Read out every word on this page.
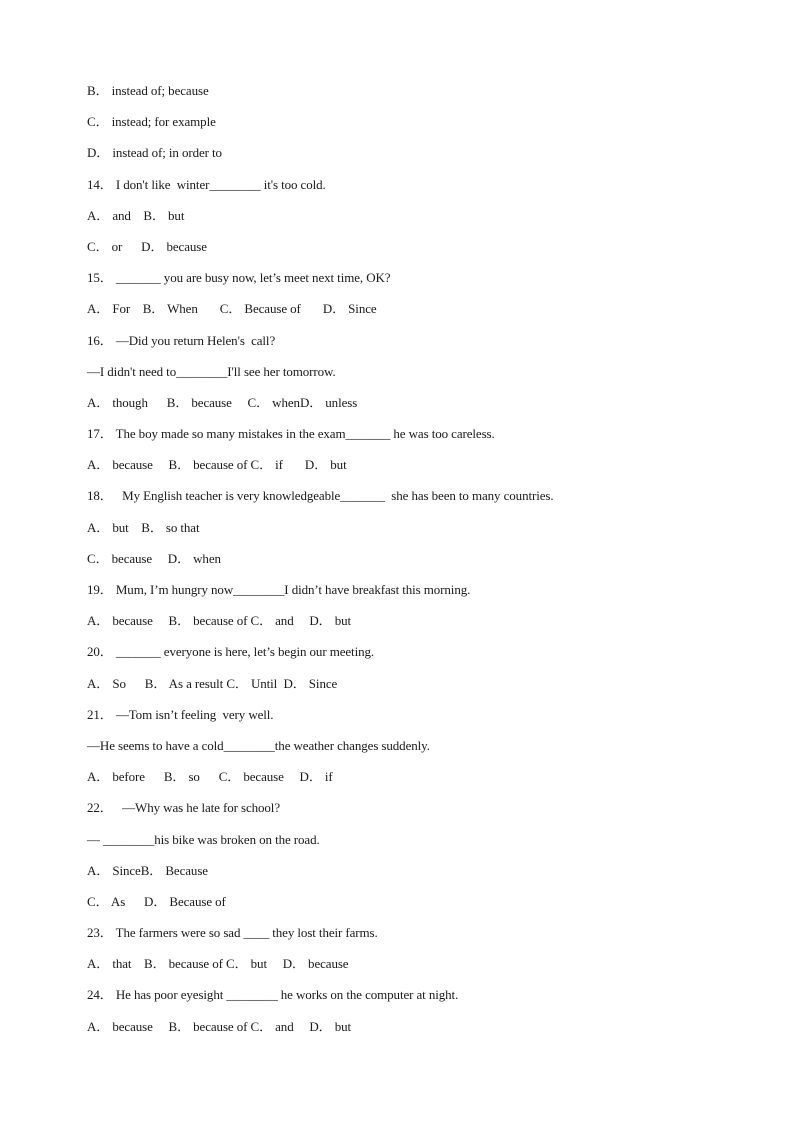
B． instead of; because
C． instead; for example
D． instead of; in order to
14． I don't like  winter________ it's too cold.
A． and    B． but
C． or      D． because
15． _______ you are busy now, let’s meet next time, OK?
A． For    B． When       C． Because of       D． Since
16． —Did you return Helen's  call?
—I didn't need to________I'll see her tomorrow.
A． though      B． because     C． whenD． unless
17． The boy made so many mistakes in the exam_______ he was too careless.
A． because     B． because of C． if       D． but
18．   My English teacher is very knowledgeable_______  she has been to many countries.
A． but    B． so that
C． because     D． when
19． Mum, I’m hungry now________I didn’t have breakfast this morning.
A． because     B． because of C． and     D． but
20． _______ everyone is here, let’s begin our meeting.
A． So      B． As a result C． Until  D． Since
21． —Tom isn’t feeling  very well.
—He seems to have a cold________the weather changes suddenly.
A． before      B． so      C． because     D． if
22．   —Why was he late for school?
— ________his bike was broken on the road.
A． SinceB． Because
C． As      D． Because of
23． The farmers were so sad ____ they lost their farms.
A． that    B． because of C． but     D． because
24． He has poor eyesight ________ he works on the computer at night.
A． because     B． because of C． and     D． but
